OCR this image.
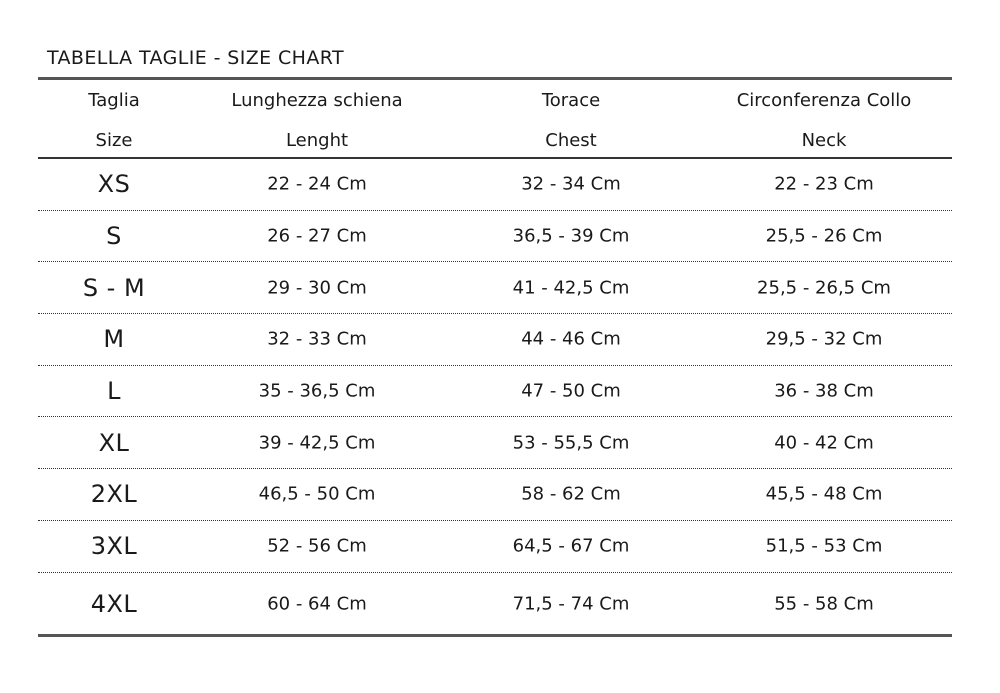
TABELLA TAGLIE - SIZE CHART
Taglia	Lunghezza schiena	Torace	Circonferenza Collo
Size	Lenght	Chest	Neck
XS	22 - 24 Cm	32 - 34 Cm	22 - 23 Cm
S	26 - 27 Cm	36,5 - 39 Cm	25,5 - 26 Cm
S - M	29 - 30 Cm	41 - 42,5 Cm	25,5 - 26,5 Cm
M	32 - 33 Cm	44 - 46 Cm	29,5 - 32 Cm
L	35 - 36,5 Cm	47 - 50 Cm	36 - 38 Cm
XL	39 - 42,5 Cm	53 - 55,5 Cm	40 - 42 Cm
2XL	46,5 - 50 Cm	58 - 62 Cm	45,5 - 48 Cm
3XL	52 - 56 Cm	64,5 - 67 Cm	51,5 - 53 Cm
4XL	60 - 64 Cm	71,5 - 74 Cm	55 - 58 Cm
